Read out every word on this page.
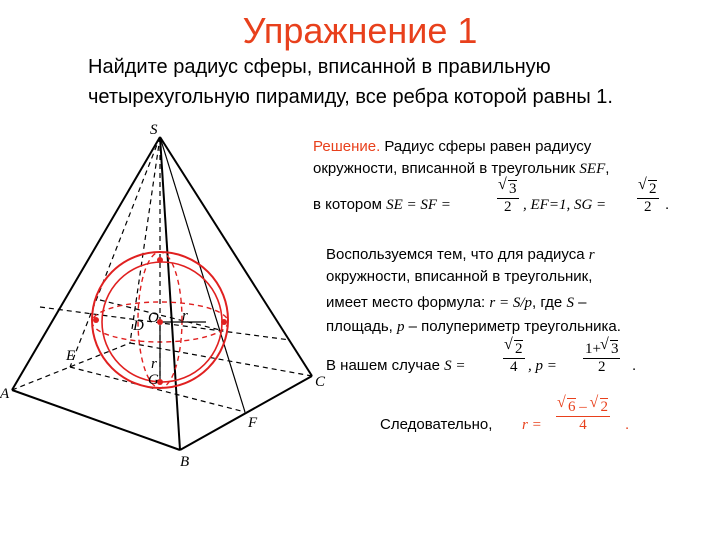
Упражнение 1
Найдите радиус сферы, вписанной в правильную четырехугольную пирамиду, все ребра которой равны 1.
S
A
B
C
D
E
F
G
O r
r
Решение. Радиус сферы равен радиусу
окружности, вписанной в треугольник SEF,
в котором SE = SF =	√ $\frac{3}{2}$ , EF=1, SG = √ $\frac{2}{2}$ .
Воспользуемся тем, что для радиуса r
окружности, вписанной в треугольник,
имеет место формула: r = S/p, где S –
площадь, p – полупериметр треугольника.
В нашем случае S =	√ $\frac{2}{4}$ , $p = \frac{1+ √ 3}{2}$ .
Следовательно, r = √ $\frac{6 - √ 2}{4}$ .
